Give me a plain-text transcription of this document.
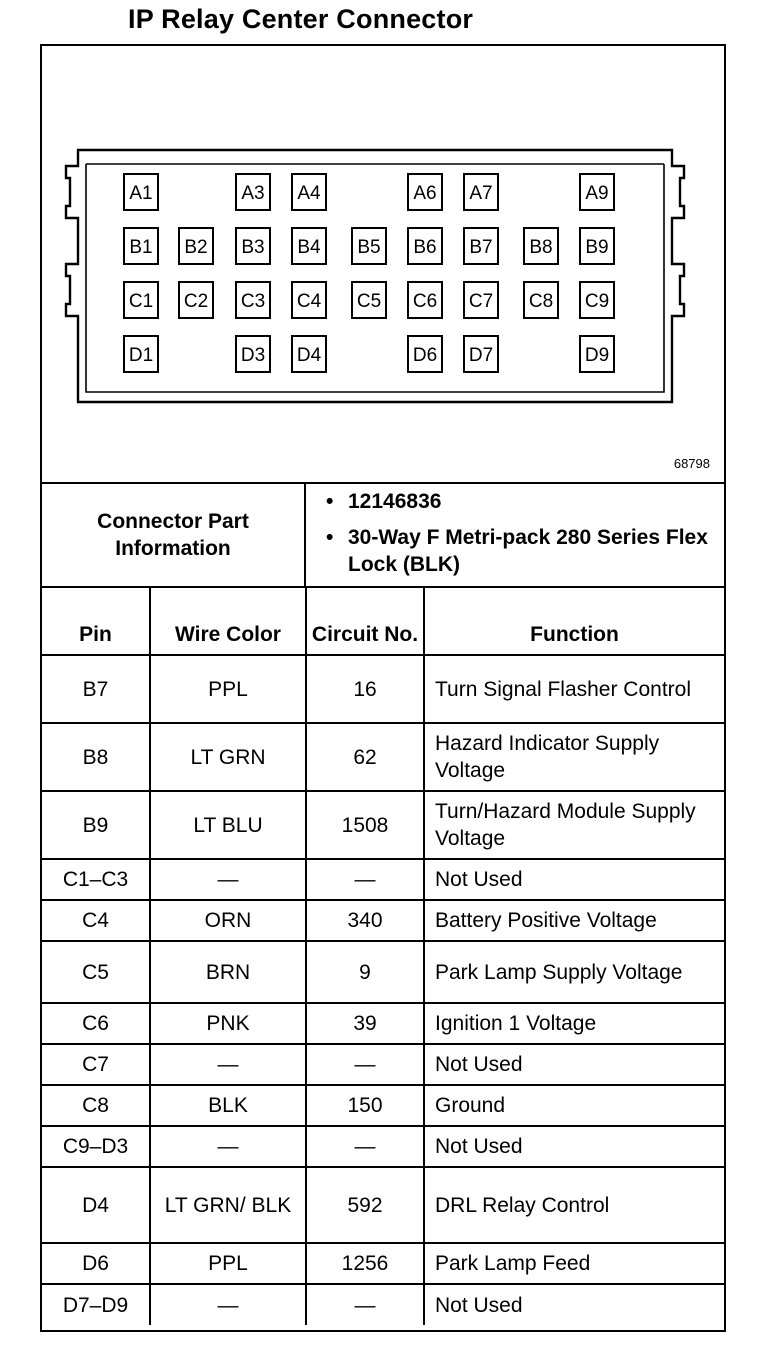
IP Relay Center Connector
A1	A3 A4	A6 A7	A9
B1 B2 B3 B4 B5 B6 B7 B8 B9
C1 C2 C3 C4 C5 C6 C7 C8 C9
D1	D3 D4	D6 D7	D9
68798
Connector Part Information
• 12146836
• 30-Way F Metri-pack 280 Series Flex Lock (BLK)
Pin	Wire Color	Circuit No.	Function
B7	PPL	16	Turn Signal Flasher Control
B8	LT GRN	62	Hazard Indicator Supply Voltage
B9	LT BLU	1508	Turn/Hazard Module Supply Voltage
C1–C3	—	—	Not Used
C4	ORN	340	Battery Positive Voltage
C5	BRN	9	Park Lamp Supply Voltage
C6	PNK	39	Ignition 1 Voltage
C7	—	—	Not Used
C8	BLK	150	Ground
C9–D3	—	—	Not Used
D4	LT GRN/ BLK	592	DRL Relay Control
D6	PPL	1256	Park Lamp Feed
D7–D9	—	—	Not Used
